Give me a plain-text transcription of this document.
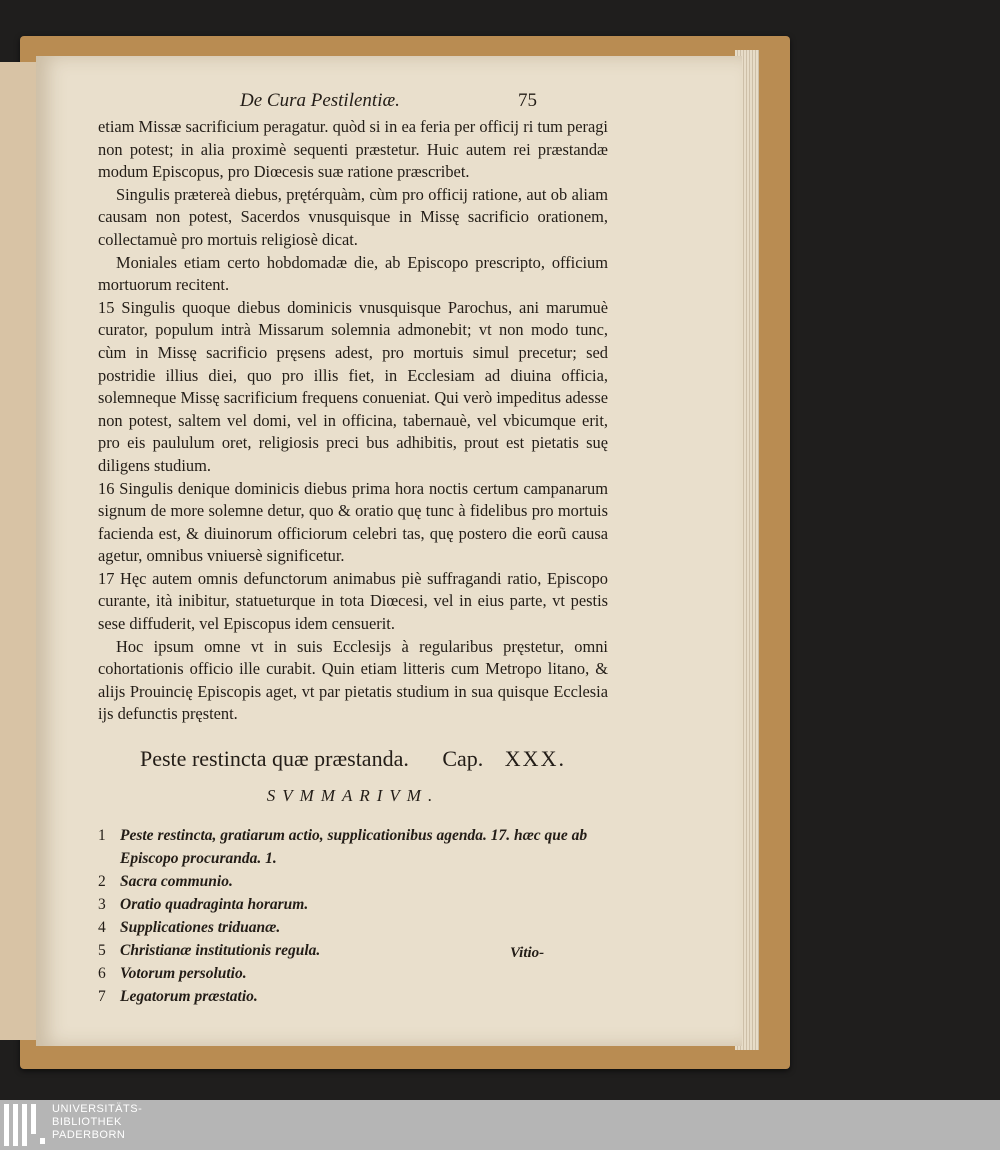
De Cura Pestilentiæ.	75

etiam Missæ sacrificium peragatur. quòd si in ea feria per officij ri tum peragi non potest; in alia proximè sequenti præstetur. Huic autem rei præstandæ modum Episcopus, pro Diœcesis suæ ratione præscribet.

Singulis prætereà diebus, prętérquàm, cùm pro officij ratione, aut ob aliam causam non potest, Sacerdos vnusquisque in Missę sacrificio orationem, collectamuè pro mortuis religiosè dicat.

Moniales etiam certo hobdomadæ die, ab Episcopo prescripto, officium mortuorum recitent.

15 Singulis quoque diebus dominicis vnusquisque Parochus, ani marumuè curator, populum intrà Missarum solemnia admonebit; vt non modo tunc, cùm in Missę sacrificio pręsens adest, pro mortuis simul precetur; sed postridie illius diei, quo pro illis fiet, in Ecclesiam ad diuina officia, solemneque Missę sacrificium frequens conueniat. Qui verò impeditus adesse non potest, saltem vel domi, vel in officina, tabernauè, vel vbicumque erit, pro eis paululum oret, religiosis preci bus adhibitis, prout est pietatis suę diligens studium.

16 Singulis denique dominicis diebus prima hora noctis certum campanarum signum de more solemne detur, quo & oratio quę tunc à fidelibus pro mortuis facienda est, & diuinorum officiorum celebri tas, quę postero die eorũ causa agetur, omnibus vniuersè significetur.

17 Hęc autem omnis defunctorum animabus piè suffragandi ratio, Episcopo curante, ità inibitur, statueturque in tota Diœcesi, vel in eius parte, vt pestis sese diffuderit, vel Episcopus idem censuerit.

Hoc ipsum omne vt in suis Ecclesijs à regularibus pręstetur, omni cohortationis officio ille curabit. Quin etiam litteris cum Metropo litano, & alijs Prouincię Episcopis aget, vt par pietatis studium in sua quisque Ecclesia ijs defunctis pręstent.

Peste restincta quæ præstanda. Cap. XXX.
SVMMARIVM.
1 Peste restincta, gratiarum actio, supplicationibus agenda. 17. hæc que ab Episcopo procuranda. 1.
2 Sacra communio.
3 Oratio quadraginta horarum.
4 Supplicationes triduanæ.
5 Christianæ institutionis regula.
6 Votorum persolutio.
7 Legatorum præstatio.
Vitio-
UNIVERSITÄTS-
BIBLIOTHEK
PADERBORN
